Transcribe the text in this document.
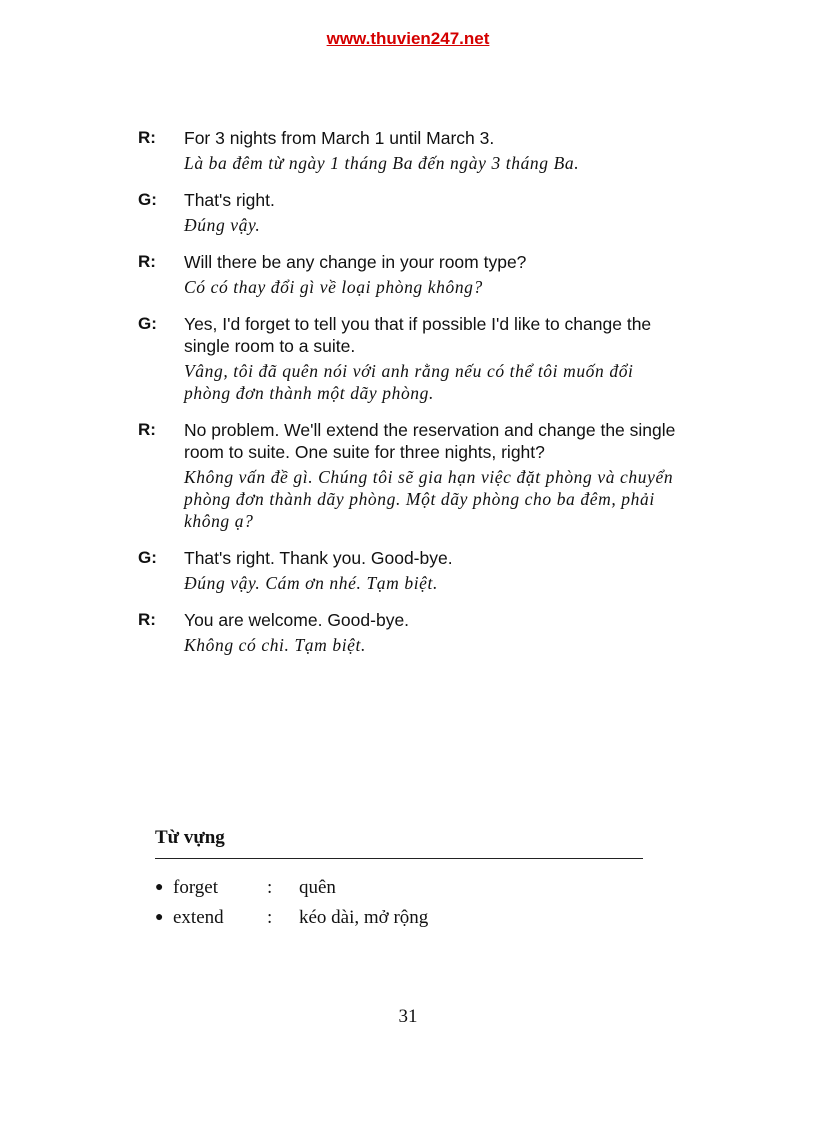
www.thuvien247.net
R:	For 3 nights from March 1 until March 3.
Là ba đêm từ ngày 1 tháng Ba đến ngày 3 tháng Ba.
G:	That's right.
Đúng vậy.
R:	Will there be any change in your room type?
Có có thay đổi gì về loại phòng không?
G:	Yes, I'd forget to tell you that if possible I'd like to change the single room to a suite.
Vâng, tôi đã quên nói với anh rằng nếu có thể tôi muốn đổi phòng đơn thành một dãy phòng.
R:	No problem. We'll extend the reservation and change the single room to suite. One suite for three nights, right?
Không vấn đề gì. Chúng tôi sẽ gia hạn việc đặt phòng và chuyển phòng đơn thành dãy phòng. Một dãy phòng cho ba đêm, phải không ạ?
G:	That's right. Thank you. Good-bye.
Đúng vậy. Cám ơn nhé. Tạm biệt.
R:	You are welcome. Good-bye.
Không có chi. Tạm biệt.
Từ vựng
● forget	:	quên
● extend	:	kéo dài, mở rộng
31
